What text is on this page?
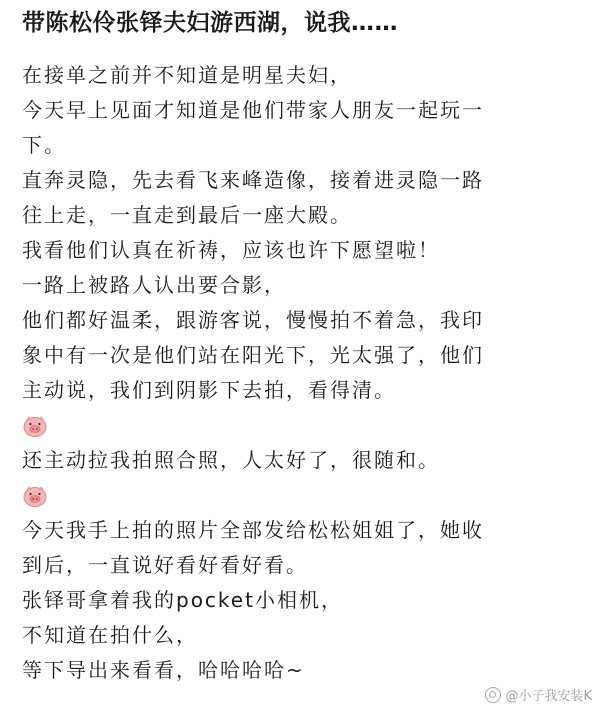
带陈松伶张铎夫妇游西湖，说我……
在接单之前并不知道是明星夫妇，
今天早上见面才知道是他们带家人朋友一起玩一
下。
直奔灵隐，先去看飞来峰造像，接着进灵隐一路
往上走，一直走到最后一座大殿。
我看他们认真在祈祷，应该也许下愿望啦！
一路上被路人认出要合影，
他们都好温柔，跟游客说，慢慢拍不着急，我印
象中有一次是他们站在阳光下，光太强了，他们
主动说，我们到阴影下去拍，看得清。
还主动拉我拍照合照，人太好了，很随和。
今天我手上拍的照片全部发给松松姐姐了，她收
到后，一直说好看好看好看。
张铎哥拿着我的pocket小相机，
不知道在拍什么，
等下导出来看看，哈哈哈哈~
@小子我安装K
